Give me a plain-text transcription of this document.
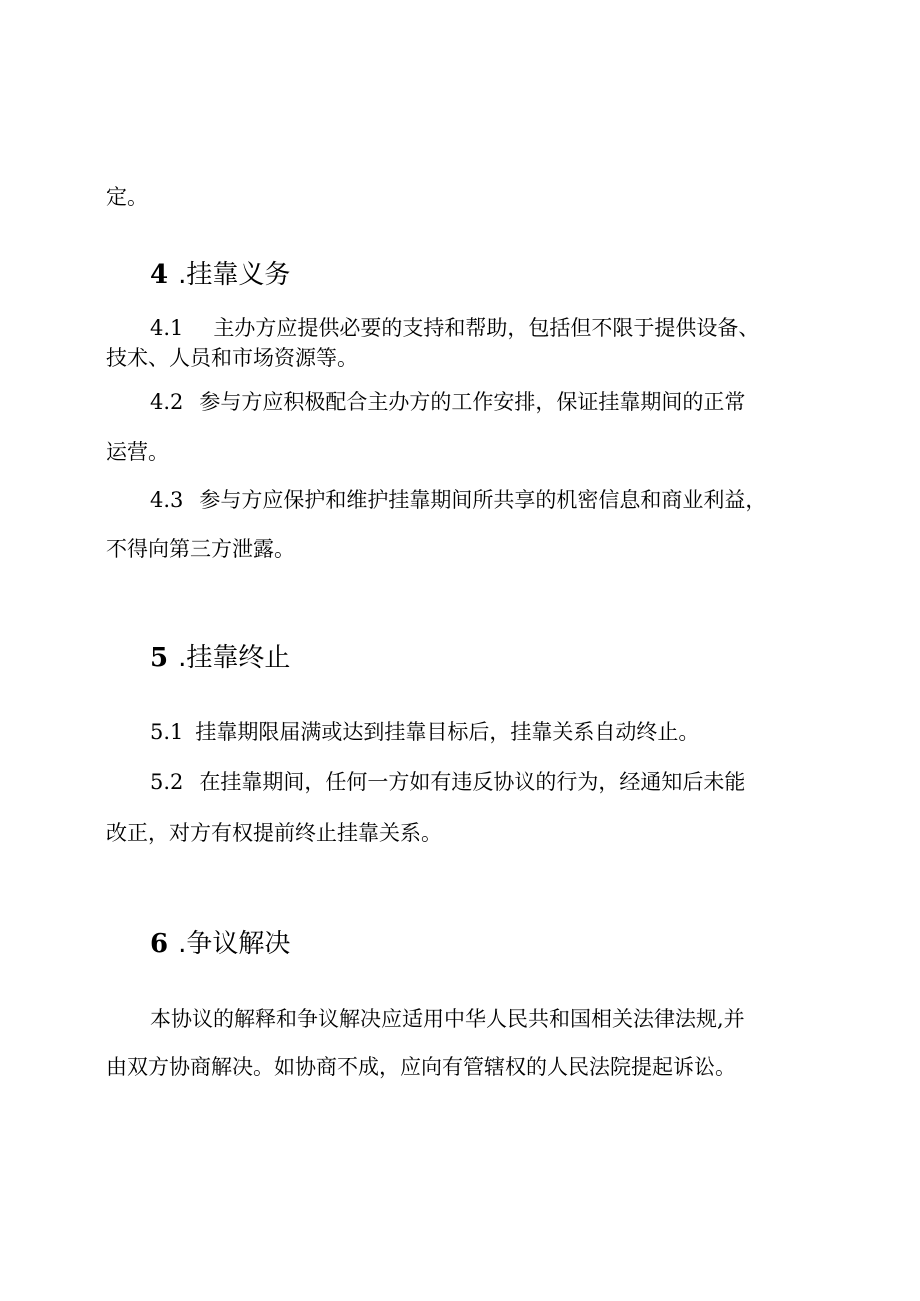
定。
4 .挂靠义务
4.1 主办方应提供必要的支持和帮助，包括但不限于提供设备、
技术、人员和市场资源等。
4.2 参与方应积极配合主办方的工作安排，保证挂靠期间的正常
运营。
4.3 参与方应保护和维护挂靠期间所共享的机密信息和商业利益，
不得向第三方泄露。
5 .挂靠终止
5.1 挂靠期限届满或达到挂靠目标后，挂靠关系自动终止。
5.2 在挂靠期间，任何一方如有违反协议的行为，经通知后未能
改正，对方有权提前终止挂靠关系。
6 .争议解决
本协议的解释和争议解决应适用中华人民共和国相关法律法规,并
由双方协商解决。如协商不成，应向有管辖权的人民法院提起诉讼。
